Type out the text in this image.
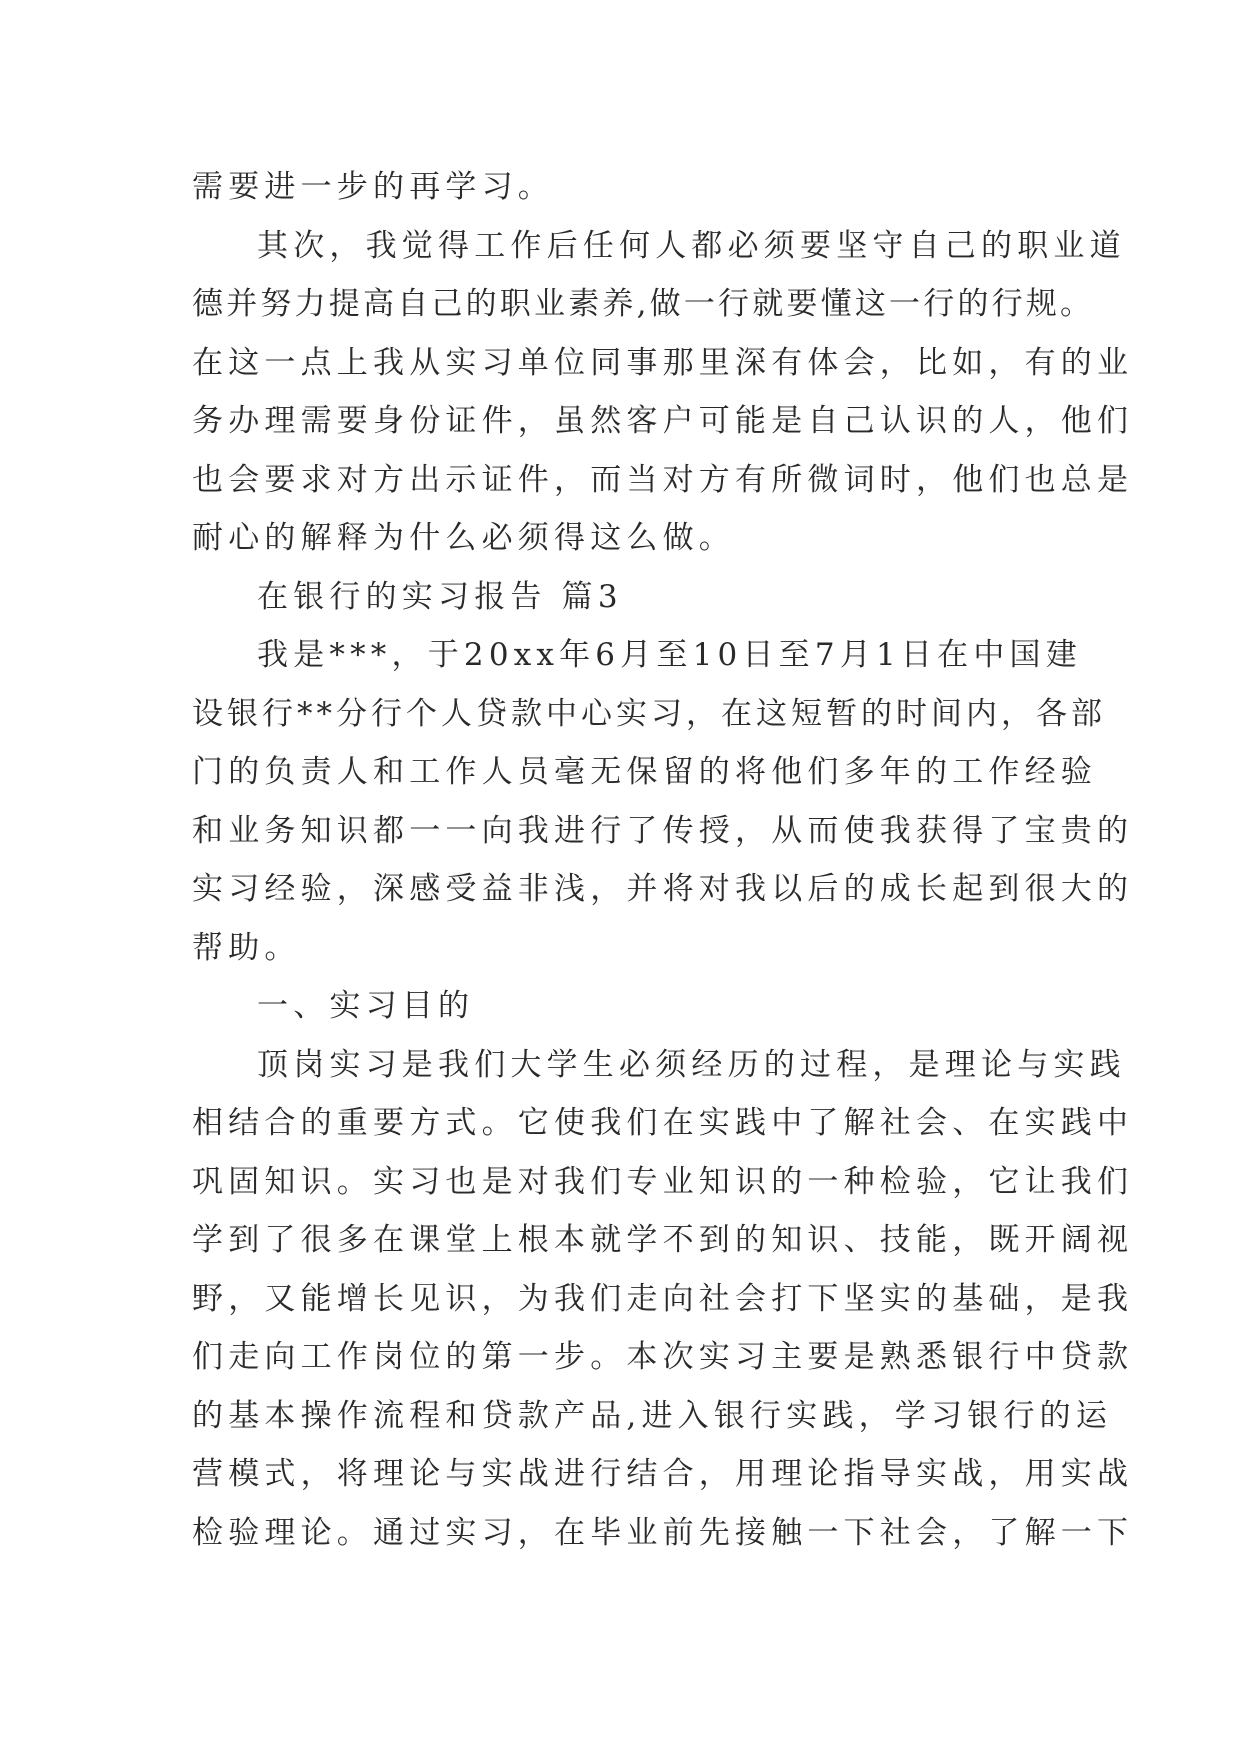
需要进一步的再学习。
其次，我觉得工作后任何人都必须要坚守自己的职业道
德并努力提高自己的职业素养,做一行就要懂这一行的行规。
在这一点上我从实习单位同事那里深有体会，比如，有的业
务办理需要身份证件，虽然客户可能是自己认识的人，他们
也会要求对方出示证件，而当对方有所微词时，他们也总是
耐心的解释为什么必须得这么做。
在银行的实习报告 篇3
我是***，于20xx年6月至10日至7月1日在中国建
设银行**分行个人贷款中心实习，在这短暂的时间内，各部
门的负责人和工作人员毫无保留的将他们多年的工作经验
和业务知识都一一向我进行了传授，从而使我获得了宝贵的
实习经验，深感受益非浅，并将对我以后的成长起到很大的
帮助。
一、实习目的
顶岗实习是我们大学生必须经历的过程，是理论与实践
相结合的重要方式。它使我们在实践中了解社会、在实践中
巩固知识。实习也是对我们专业知识的一种检验，它让我们
学到了很多在课堂上根本就学不到的知识、技能，既开阔视
野，又能增长见识，为我们走向社会打下坚实的基础，是我
们走向工作岗位的第一步。本次实习主要是熟悉银行中贷款
的基本操作流程和贷款产品,进入银行实践，学习银行的运
营模式，将理论与实战进行结合，用理论指导实战，用实战
检验理论。通过实习，在毕业前先接触一下社会，了解一下
